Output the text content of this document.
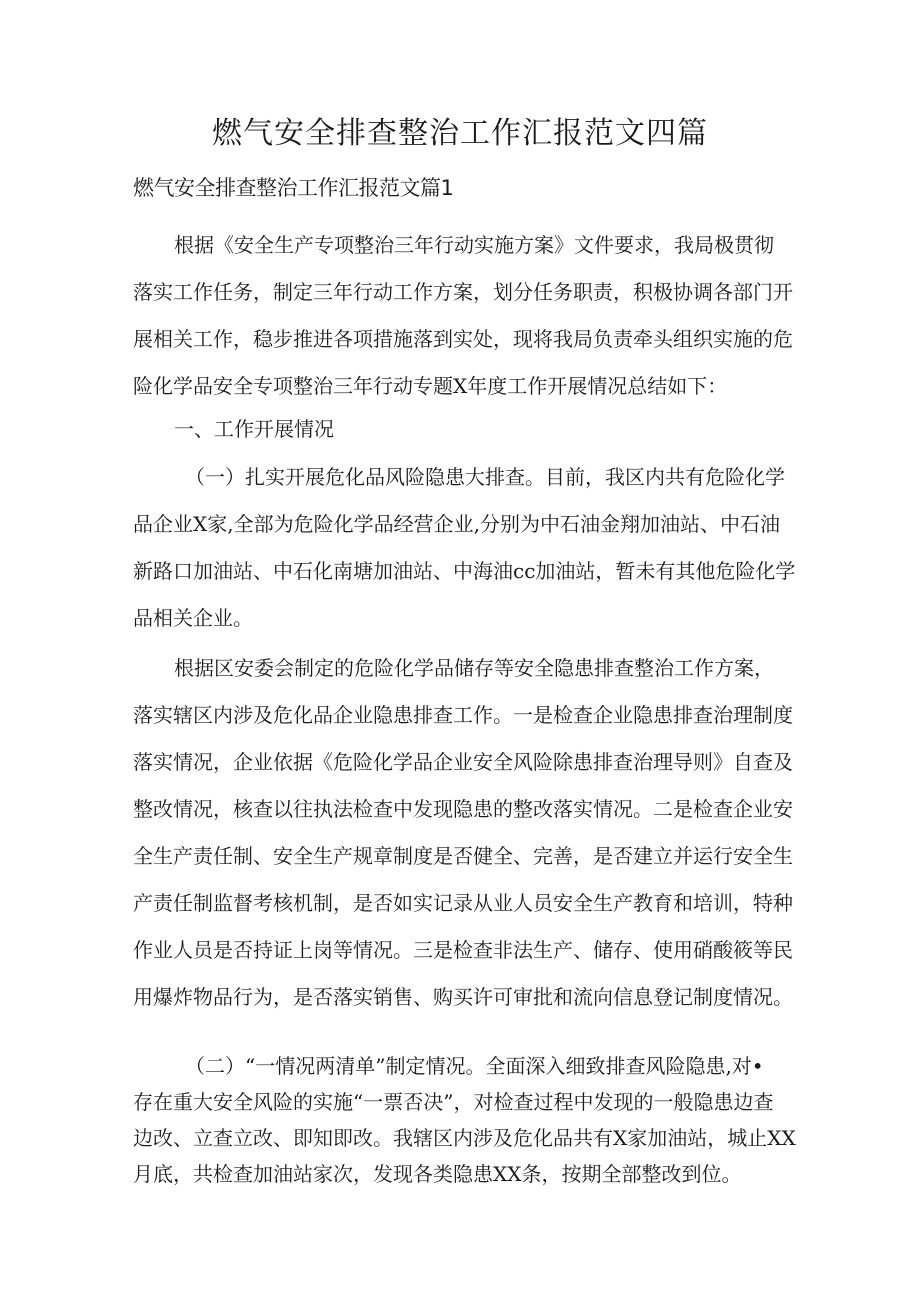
燃气安全排查整治工作汇报范文四篇
燃气安全排查整治工作汇报范文篇1
根据《安全生产专项整治三年行动实施方案》文件要求，我局极贯彻
落实工作任务，制定三年行动工作方案，划分任务职责，积极协调各部门开
展相关工作，稳步推进各项措施落到实处，现将我局负责牵头组织实施的危
险化学品安全专项整治三年行动专题X年度工作开展情况总结如下：
一、工作开展情况
（一）扎实开展危化品风险隐患大排查。目前，我区内共有危险化学
品企业X家,全部为危险化学品经营企业,分别为中石油金翔加油站、中石油
新路口加油站、中石化南塘加油站、中海油cc加油站，暂未有其他危险化学
品相关企业。
根据区安委会制定的危险化学品储存等安全隐患排查整治工作方案，
落实辖区内涉及危化品企业隐患排查工作。一是检查企业隐患排查治理制度
落实情况，企业依据《危险化学品企业安全风险除患排查治理导则》自查及
整改情况，核查以往执法检查中发现隐患的整改落实情况。二是检查企业安
全生产责任制、安全生产规章制度是否健全、完善，是否建立并运行安全生
产责任制监督考核机制，是否如实记录从业人员安全生产教育和培训，特种
作业人员是否持证上岗等情况。三是检查非法生产、储存、使用硝酸筱等民
用爆炸物品行为，是否落实销售、购买许可审批和流向信息登记制度情况。
（二）“一情况两清单”制定情况。全面深入细致排查风险隐患,对•
存在重大安全风险的实施“一票否决”，对检查过程中发现的一般隐患边查
边改、立查立改、即知即改。我辖区内涉及危化品共有X家加油站，城止XX
月底，共检查加油站家次，发现各类隐患XX条，按期全部整改到位。
